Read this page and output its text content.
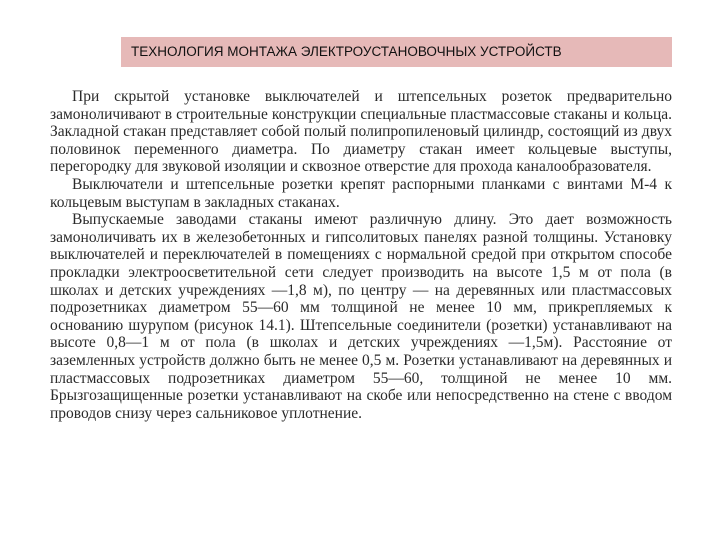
ТЕХНОЛОГИЯ МОНТАЖА ЭЛЕКТРОУСТАНОВОЧНЫХ УСТРОЙСТВ

При скрытой установке выключателей и штепсельных розеток предварительно замоноличивают в строительные конструкции специальные пластмассовые стаканы и кольца. Закладной стакан представляет собой полый полипропиленовый цилиндр, состоящий из двух половинок переменного диаметра. По диаметру стакан имеет кольцевые выступы, перегородку для звуковой изоляции и сквозное отверстие для прохода каналообразователя.

Выключатели и штепсельные розетки крепят распорными планками с винтами М-4 к кольцевым выступам в закладных стаканах.

Выпускаемые заводами стаканы имеют различную длину. Это дает возможность замоноличивать их в железобетонных и гипсолитовых панелях разной толщины. Установку выключателей и переключателей в помещениях с нормальной средой при открытом способе прокладки электроосветительной сети следует производить на высоте 1,5 м от пола (в школах и детских учреждениях —1,8 м), по центру — на деревянных или пластмассовых подрозетниках диаметром 55—60 мм толщиной не менее 10 мм, прикрепляемых к основанию шурупом (рисунок 14.1). Штепсельные соединители (розетки) устанавливают на высоте 0,8—1 м от пола (в школах и детских учреждениях —1,5м). Расстояние от заземленных устройств должно быть не менее 0,5 м. Розетки устанавливают на деревянных и пластмассовых подрозетниках диаметром 55—60, толщиной не менее 10 мм. Брызгозащищенные розетки устанавливают на скобе или непосредственно на стене с вводом проводов снизу через сальниковое уплотнение.
